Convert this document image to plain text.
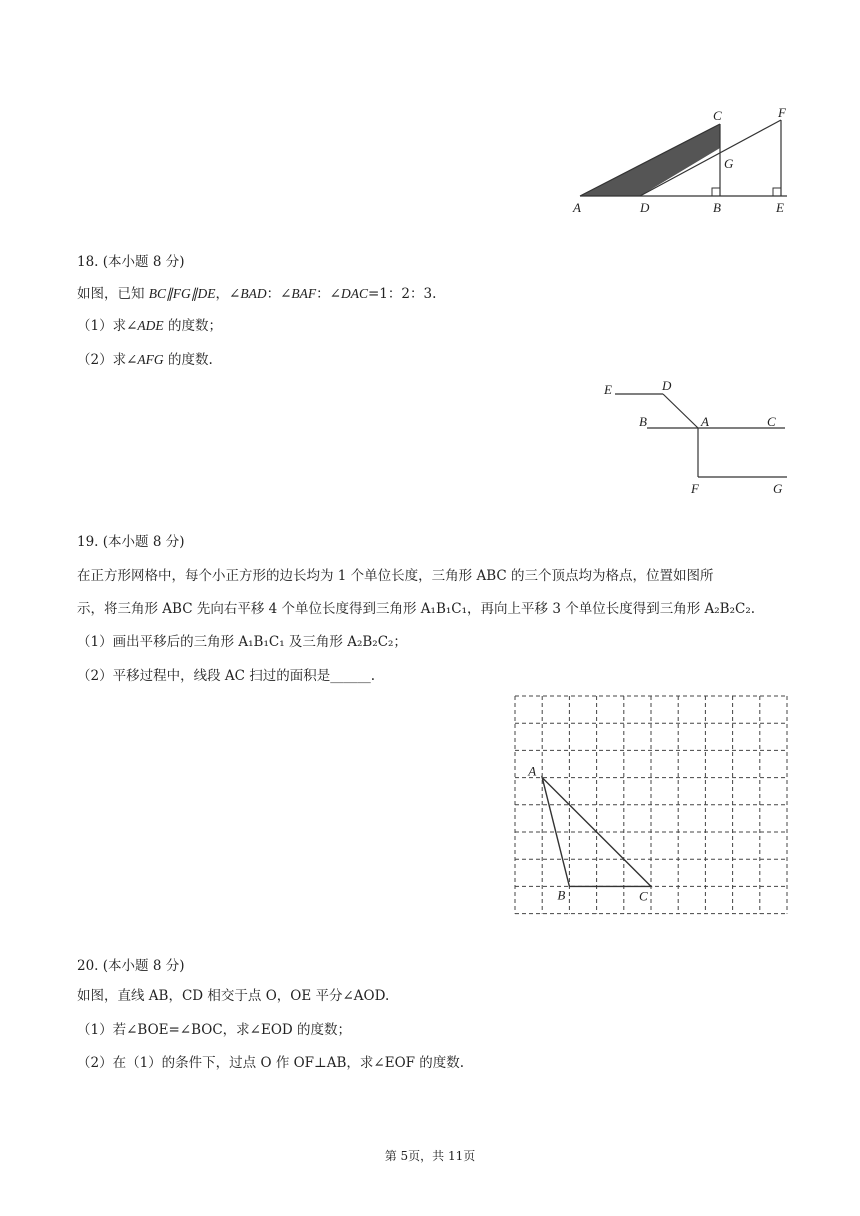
A	D	B	E
C	F
G
18. (本小题 8 分)
如图，已知 BC∥FG∥DE，∠BAD：∠BAF：∠DAC=1：2：3.
（1）求∠ADE 的度数；
（2）求∠AFG 的度数.
E	D
B	A	C
F	G
19. (本小题 8 分)
在正方形网格中，每个小正方形的边长均为 1 个单位长度，三角形 ABC 的三个顶点均为格点，位置如图所
示，将三角形 ABC 先向右平移 4 个单位长度得到三角形 A₁B₁C₁，再向上平移 3 个单位长度得到三角形 A₂B₂C₂.
（1）画出平移后的三角形 A₁B₁C₁ 及三角形 A₂B₂C₂；
（2）平移过程中，线段 AC 扫过的面积是______.
A
B	C
20. (本小题 8 分)
如图，直线 AB，CD 相交于点 O，OE 平分∠AOD.
（1）若∠BOE=∠BOC，求∠EOD 的度数；
（2）在（1）的条件下，过点 O 作 OF⊥AB，求∠EOF 的度数.
第 5页，共 11页
